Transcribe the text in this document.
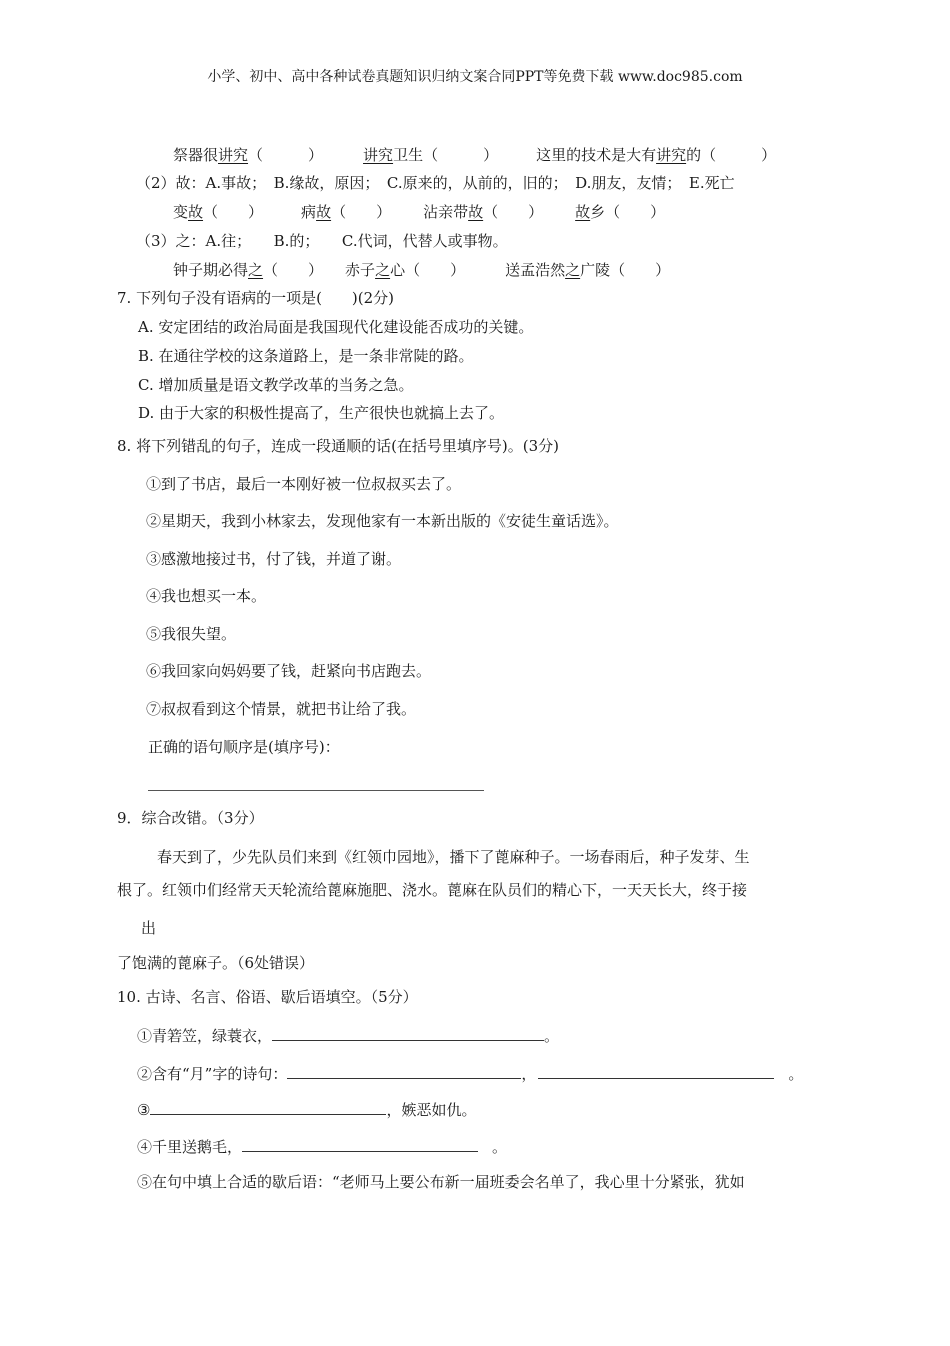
小学、初中、高中各种试卷真题知识归纳文案合同PPT等免费下载 www.doc985.com
祭器很讲究（　　　）	讲究卫生（　　　）	这里的技术是大有讲究的（　　　）
（2）故：A.事故；　B.缘故，原因；　C.原来的，从前的，旧的；　D.朋友，友情；　E.死亡
变故（　　）	病故（　　） 沾亲带故（　　） 故乡（　　）
（3）之：A.往；　　B.的；　　C.代词，代替人或事物。
钟子期必得之（　　） 赤子之心（　　）	送孟浩然之广陵（　　）
7. 下列句子没有语病的一项是(　　)(2分)
A. 安定团结的政治局面是我国现代化建设能否成功的关键。
B. 在通往学校的这条道路上，是一条非常陡的路。
C. 增加质量是语文教学改革的当务之急。
D. 由于大家的积极性提高了，生产很快也就搞上去了。
8. 将下列错乱的句子，连成一段通顺的话(在括号里填序号)。(3分)
①到了书店，最后一本刚好被一位叔叔买去了。
②星期天，我到小林家去，发现他家有一本新出版的《安徒生童话选》。
③感激地接过书，付了钱，并道了谢。
④我也想买一本。
⑤我很失望。
⑥我回家向妈妈要了钱，赶紧向书店跑去。
⑦叔叔看到这个情景，就把书让给了我。
正确的语句顺序是(填序号)：
9．综合改错。（3分）
春天到了，少先队员们来到《红领巾园地》，播下了蓖麻种子。一场春雨后，种子发芽、生
根了。红领巾们经常天天轮流给蓖麻施肥、浇水。蓖麻在队员们的精心下，一天天长大，终于接
出
了饱满的蓖麻子。（6处错误）
10. 古诗、名言、俗语、歇后语填空。（5分）
①青箬笠，绿蓑衣，	。
②含有“月”字的诗句：	，	。
③	，嫉恶如仇。
④千里送鹅毛，	。
⑤在句中填上合适的歇后语：“老师马上要公布新一届班委会名单了，我心里十分紧张，犹如
